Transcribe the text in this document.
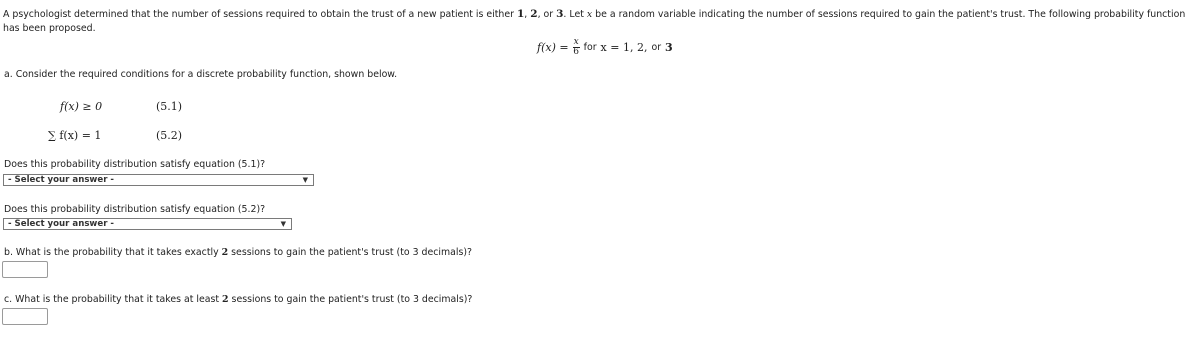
A psychologist determined that the number of sessions required to obtain the trust of a new patient is either 1, 2, or 3. Let x be a random variable indicating the number of sessions required to gain the patient's trust. The following probability function has been proposed.
$f(x) = \frac{x}{6}$ for x = 1, 2, or 3
a. Consider the required conditions for a discrete probability function, shown below.
f(x) ≥ 0	(5.1)
∑ f(x) = 1	(5.2)
Does this probability distribution satisfy equation (5.1)?
- Select your answer -	▼
Does this probability distribution satisfy equation (5.2)?
- Select your answer -	▼
b. What is the probability that it takes exactly 2 sessions to gain the patient's trust (to 3 decimals)?
c. What is the probability that it takes at least 2 sessions to gain the patient's trust (to 3 decimals)?
